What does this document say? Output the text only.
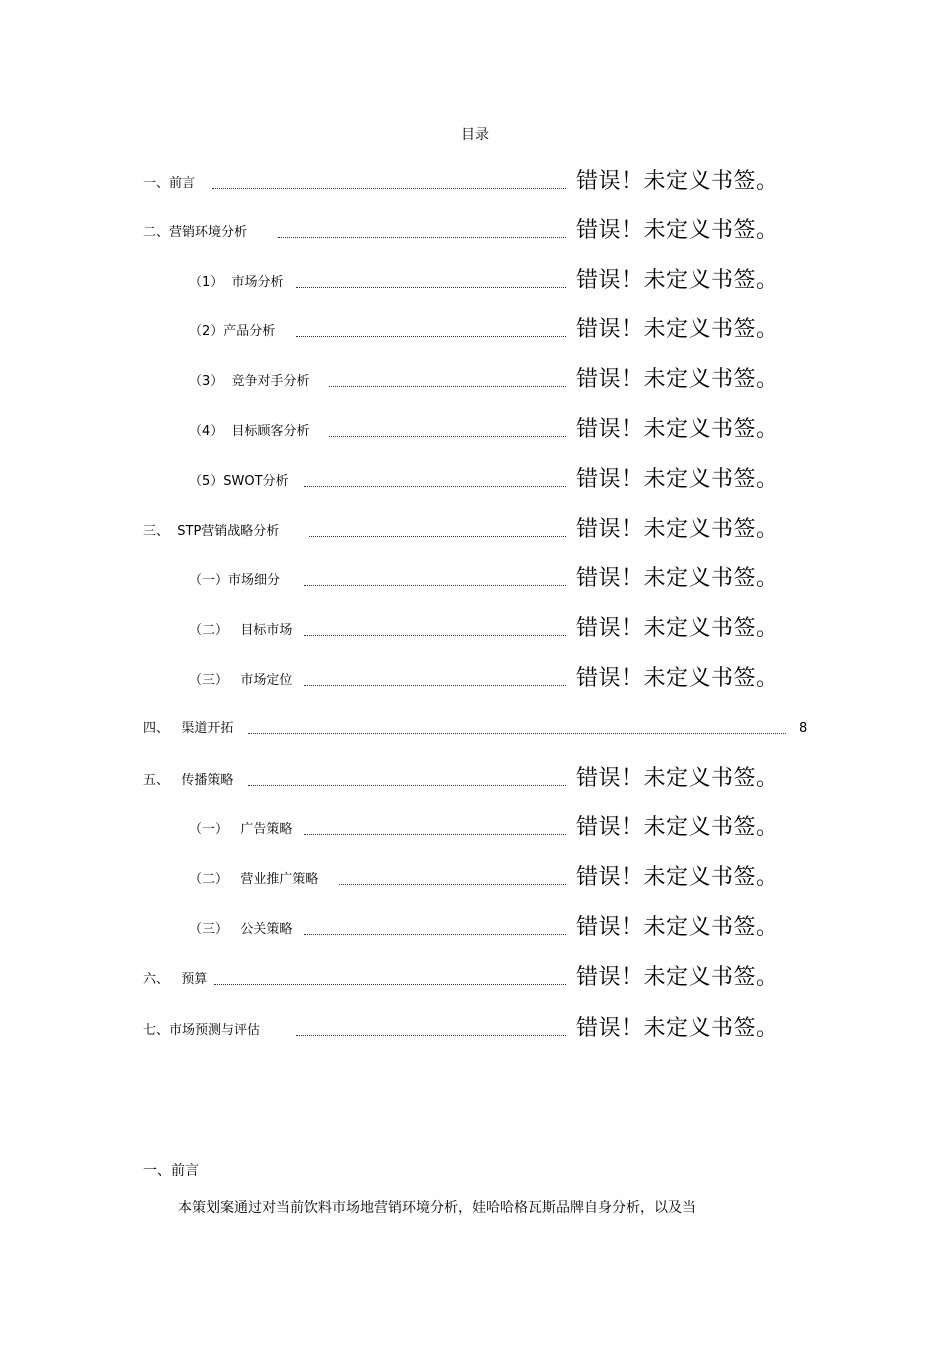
目录
一、前言	错误！未定义书签。
二、营销环境分析	错误！未定义书签。
（1）  市场分析	错误！未定义书签。
（2）产品分析	错误！未定义书签。
（3）  竞争对手分析	错误！未定义书签。
（4）  目标顾客分析	错误！未定义书签。
（5）SWOT分析	错误！未定义书签。
三、  STP营销战略分析	错误！未定义书签。
（一）市场细分	错误！未定义书签。
（二）   目标市场	错误！未定义书签。
（三）   市场定位	错误！未定义书签。
四、   渠道开拓	8
五、   传播策略	错误！未定义书签。
（一）   广告策略	错误！未定义书签。
（二）   营业推广策略	错误！未定义书签。
（三）   公关策略	错误！未定义书签。
六、   预算	错误！未定义书签。
七、市场预测与评估	错误！未定义书签。
一、前言
本策划案通过对当前饮料市场地营销环境分析，娃哈哈格瓦斯品牌自身分析，以及当
